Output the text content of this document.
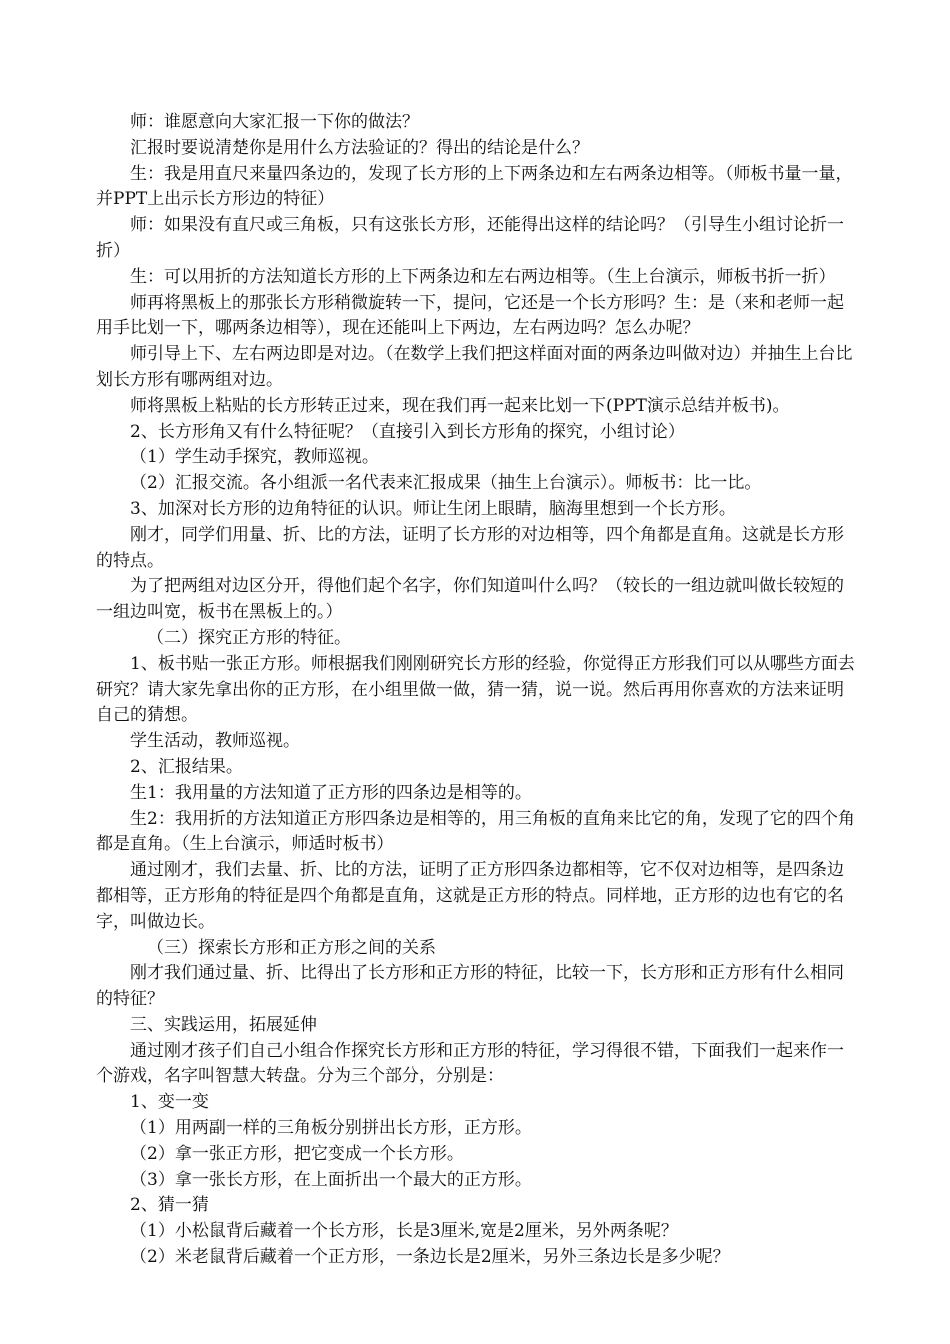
师：谁愿意向大家汇报一下你的做法？

汇报时要说清楚你是用什么方法验证的？得出的结论是什么？

生：我是用直尺来量四条边的，发现了长方形的上下两条边和左右两条边相等。（师板书量一量，并PPT上出示长方形边的特征）

师：如果没有直尺或三角板，只有这张长方形，还能得出这样的结论吗？（引导生小组讨论折一折）

生：可以用折的方法知道长方形的上下两条边和左右两边相等。（生上台演示，师板书折一折）

师再将黑板上的那张长方形稍微旋转一下，提问，它还是一个长方形吗？生：是（来和老师一起用手比划一下，哪两条边相等），现在还能叫上下两边，左右两边吗？怎么办呢？

师引导上下、左右两边即是对边。（在数学上我们把这样面对面的两条边叫做对边）并抽生上台比划长方形有哪两组对边。

师将黑板上粘贴的长方形转正过来，现在我们再一起来比划一下(PPT演示总结并板书)。

2、长方形角又有什么特征呢？（直接引入到长方形角的探究，小组讨论）

（1）学生动手探究，教师巡视。

（2）汇报交流。各小组派一名代表来汇报成果（抽生上台演示）。师板书：比一比。

3、加深对长方形的边角特征的认识。师让生闭上眼睛，脑海里想到一个长方形。

刚才，同学们用量、折、比的方法，证明了长方形的对边相等，四个角都是直角。这就是长方形的特点。

为了把两组对边区分开，得他们起个名字，你们知道叫什么吗？（较长的一组边就叫做长较短的一组边叫宽，板书在黑板上的。）

（二）探究正方形的特征。

1、板书贴一张正方形。师根据我们刚刚研究长方形的经验，你觉得正方形我们可以从哪些方面去研究？请大家先拿出你的正方形，在小组里做一做，猜一猜，说一说。然后再用你喜欢的方法来证明自己的猜想。

学生活动，教师巡视。

2、汇报结果。

生1：我用量的方法知道了正方形的四条边是相等的。

生2：我用折的方法知道正方形四条边是相等的，用三角板的直角来比它的角，发现了它的四个角都是直角。（生上台演示，师适时板书）

通过刚才，我们去量、折、比的方法，证明了正方形四条边都相等，它不仅对边相等，是四条边都相等，正方形角的特征是四个角都是直角，这就是正方形的特点。同样地，正方形的边也有它的名字，叫做边长。

（三）探索长方形和正方形之间的关系

刚才我们通过量、折、比得出了长方形和正方形的特征，比较一下，长方形和正方形有什么相同的特征？

三、实践运用，拓展延伸

通过刚才孩子们自己小组合作探究长方形和正方形的特征，学习得很不错，下面我们一起来作一个游戏，名字叫智慧大转盘。分为三个部分，分别是：

1、变一变

（1）用两副一样的三角板分别拼出长方形，正方形。

（2）拿一张正方形，把它变成一个长方形。

（3）拿一张长方形，在上面折出一个最大的正方形。

2、猜一猜

（1）小松鼠背后藏着一个长方形，长是3厘米,宽是2厘米，另外两条呢？

（2）米老鼠背后藏着一个正方形，一条边长是2厘米，另外三条边长是多少呢？
